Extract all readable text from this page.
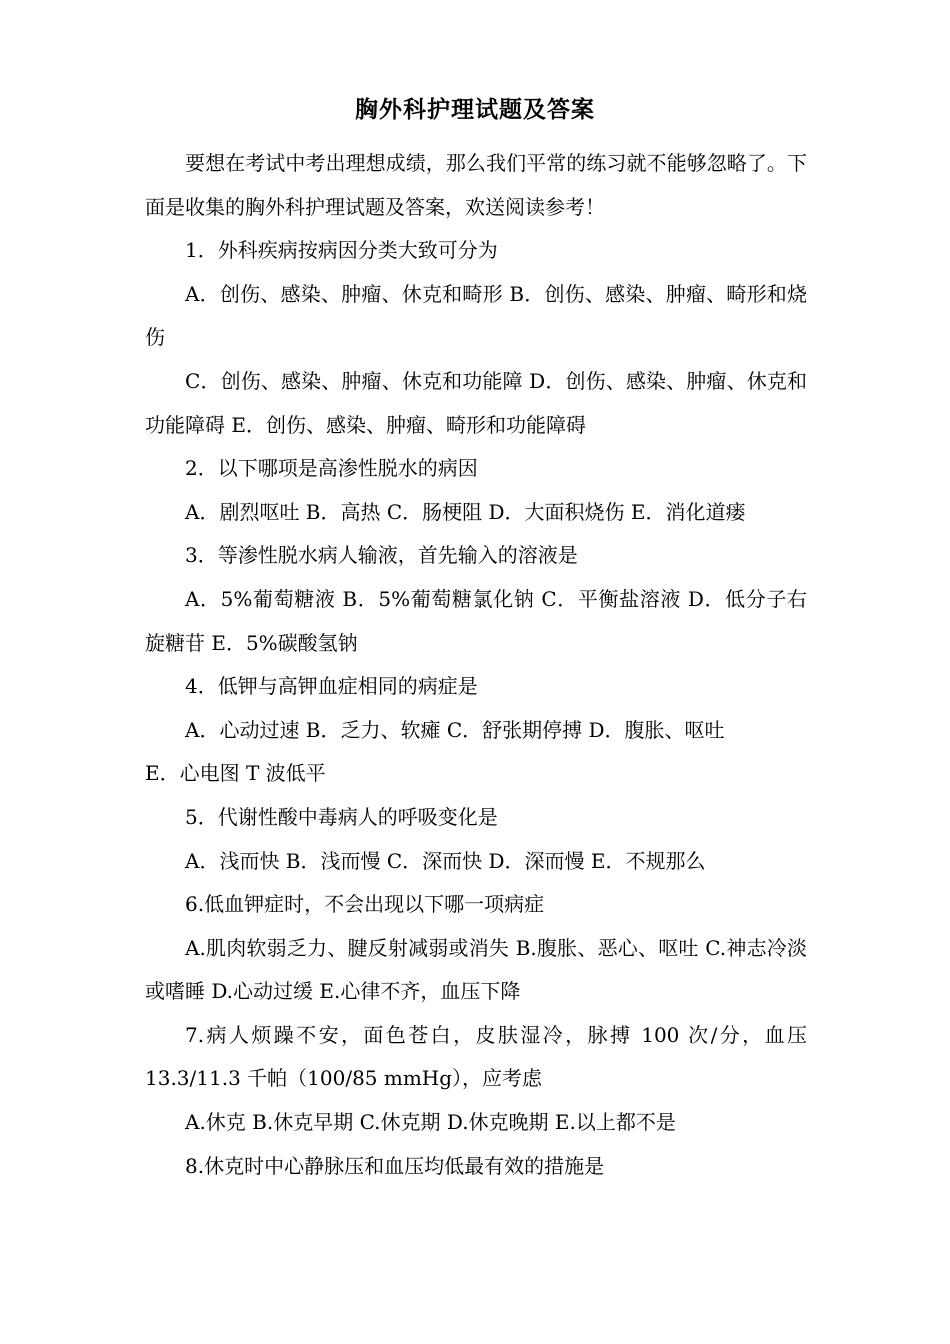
胸外科护理试题及答案

要想在考试中考出理想成绩，那么我们平常的练习就不能够忽略了。下面是收集的胸外科护理试题及答案，欢送阅读参考！

1．外科疾病按病因分类大致可分为

A．创伤、感染、肿瘤、休克和畸形 B．创伤、感染、肿瘤、畸形和烧伤

C．创伤、感染、肿瘤、休克和功能障 D．创伤、感染、肿瘤、休克和功能障碍 E．创伤、感染、肿瘤、畸形和功能障碍

2．以下哪项是高渗性脱水的病因

A．剧烈呕吐 B．高热 C．肠梗阻 D．大面积烧伤 E．消化道瘘

3．等渗性脱水病人输液，首先输入的溶液是

A．5%葡萄糖液 B．5%葡萄糖氯化钠 C．平衡盐溶液 D．低分子右旋糖苷 E．5%碳酸氢钠

4．低钾与高钾血症相同的病症是

A．心动过速 B．乏力、软瘫 C．舒张期停搏 D．腹胀、呕吐

E．心电图 T 波低平

5．代谢性酸中毒病人的呼吸变化是

A．浅而快 B．浅而慢 C．深而快 D．深而慢 E．不规那么

6.低血钾症时，不会出现以下哪一项病症

A.肌肉软弱乏力、腱反射减弱或消失 B.腹胀、恶心、呕吐 C.神志冷淡或嗜睡 D.心动过缓 E.心律不齐，血压下降

7.病人烦躁不安，面色苍白，皮肤湿冷，脉搏 100 次/分，血压 13.3/11.3 千帕（100/85 mmHg），应考虑

A.休克 B.休克早期 C.休克期 D.休克晚期 E.以上都不是

8.休克时中心静脉压和血压均低最有效的措施是
